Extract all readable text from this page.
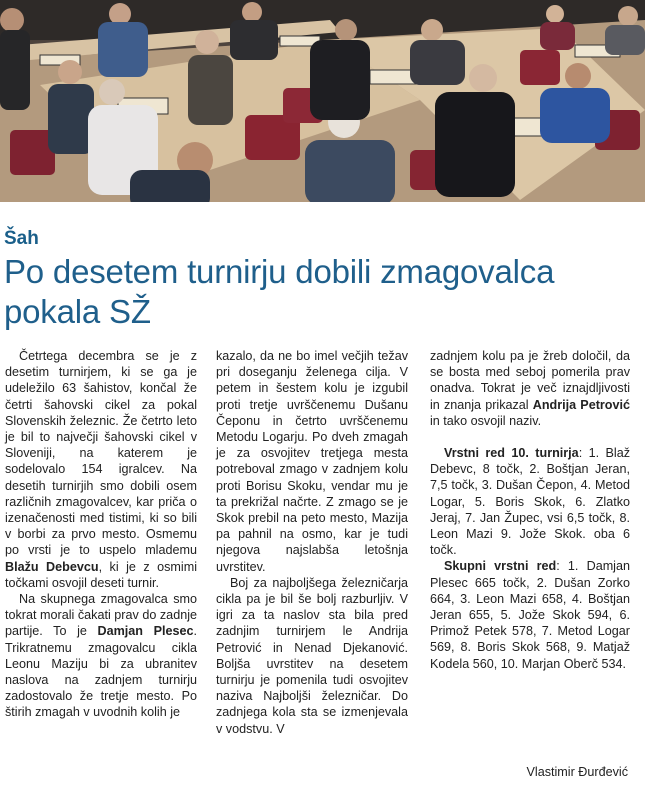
Šah
Po desetem turnirju dobili zmagovalca pokala SŽ

Četrtega decembra se je z desetim turnirjem, ki se ga je udeležilo 63 šahistov, končal že četrti šahovski cikel za pokal Slovenskih železnic. Že četrto leto je bil to največji šahovski cikel v Sloveniji, na katerem je sodelovalo 154 igralcev. Na desetih turnirjih smo dobili osem različnih zmagovalcev, kar priča o izenačenosti med tistimi, ki so bili v borbi za prvo mesto. Osmemu po vrsti je to uspelo mlademu Blažu Debevcu, ki je z osmimi točkami osvojil deseti turnir.

Na skupnega zmagovalca smo tokrat morali čakati prav do zadnje partije. To je Damjan Plesec. Trikratnemu zmagovalcu cikla Leonu Maziju bi za ubranitev naslova na zadnjem turnirju zadostovalo že tretje mesto. Po štirih zmagah v uvodnih kolih je

kazalo, da ne bo imel večjih težav pri doseganju želenega cilja. V petem in šestem kolu je izgubil proti tretje uvrščenemu Dušanu Čeponu in četrto uvrščenemu Metodu Logarju. Po dveh zmagah je za osvojitev tretjega mesta potreboval zmago v zadnjem kolu proti Borisu Skoku, vendar mu je ta prekrižal načrte. Z zmago se je Skok prebil na peto mesto, Mazija pa pahnil na osmo, kar je tudi njegova najslabša letošnja uvrstitev.

Boj za najboljšega železničarja cikla pa je bil še bolj razburljiv. V igri za ta naslov sta bila pred zadnjim turnirjem le Andrija Petrović in Nenad Djekanović. Boljša uvrstitev na desetem turnirju je pomenila tudi osvojitev naziva Najboljši železničar. Do zadnjega kola sta se izmenjevala v vodstvu. V

zadnjem kolu pa je žreb določil, da se bosta med seboj pomerila prav onadva. Tokrat je več iznajdljivosti in znanja prikazal Andrija Petrović in tako osvojil naziv.

Vrstni red 10. turnirja: 1. Blaž Debevc, 8 točk, 2. Boštjan Jeran, 7,5 točk, 3. Dušan Čepon, 4. Metod Logar, 5. Boris Skok, 6. Zlatko Jeraj, 7. Jan Župec, vsi 6,5 točk, 8. Leon Mazi 9. Jože Skok. oba 6 točk.

Skupni vrstni red: 1. Damjan Plesec 665 točk, 2. Dušan Zorko 664, 3. Leon Mazi 658, 4. Boštjan Jeran 655, 5. Jože Skok 594, 6. Primož Petek 578, 7. Metod Logar 569, 8. Boris Skok 568, 9. Matjaž Kodela 560, 10. Marjan Oberč 534.

Vlastimir Đurđević
